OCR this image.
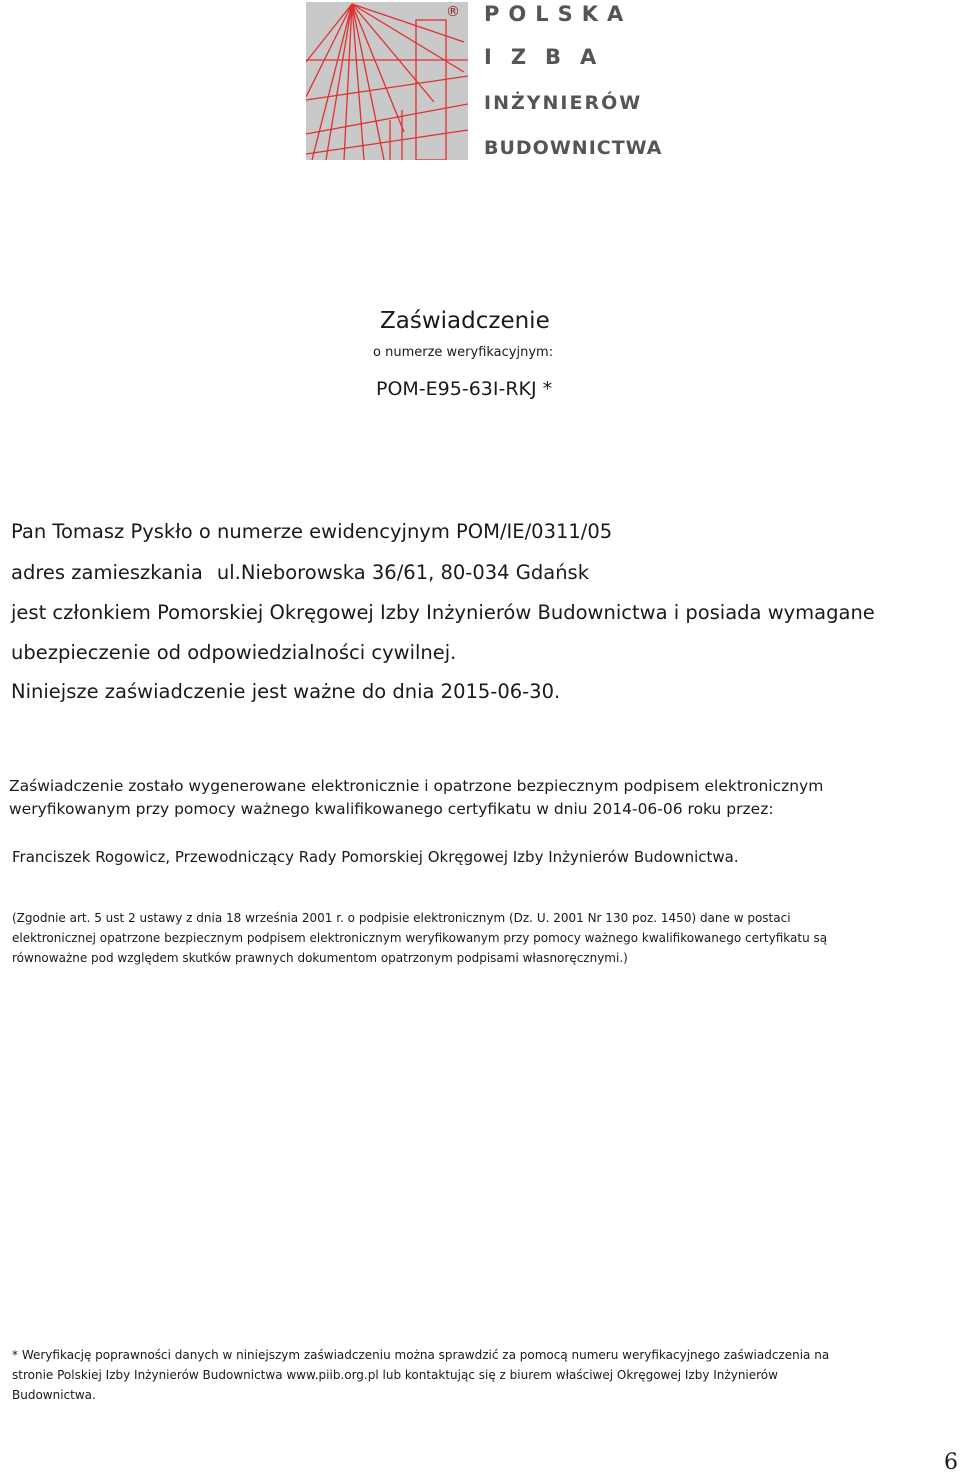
® POLSKA
IZBA
INŻYNIERÓW
BUDOWNICTWA
Zaświadczenie
o numerze weryfikacyjnym:
POM-E95-63I-RKJ *
Pan Tomasz Pyskło o numerze ewidencyjnym POM/IE/0311/05
adres zamieszkania ul.Nieborowska 36/61, 80-034 Gdańsk
jest członkiem Pomorskiej Okręgowej Izby Inżynierów Budownictwa i posiada wymagane
ubezpieczenie od odpowiedzialności cywilnej.
Niniejsze zaświadczenie jest ważne do dnia 2015-06-30.
Zaświadczenie zostało wygenerowane elektronicznie i opatrzone bezpiecznym podpisem elektronicznym
weryfikowanym przy pomocy ważnego kwalifikowanego certyfikatu w dniu 2014-06-06 roku przez:
Franciszek Rogowicz, Przewodniczący Rady Pomorskiej Okręgowej Izby Inżynierów Budownictwa.
(Zgodnie art. 5 ust 2 ustawy z dnia 18 września 2001 r. o podpisie elektronicznym (Dz. U. 2001 Nr 130 poz. 1450) dane w postaci
elektronicznej opatrzone bezpiecznym podpisem elektronicznym weryfikowanym przy pomocy ważnego kwalifikowanego certyfikatu są
równoważne pod względem skutków prawnych dokumentom opatrzonym podpisami własnoręcznymi.)
* Weryfikację poprawności danych w niniejszym zaświadczeniu można sprawdzić za pomocą numeru weryfikacyjnego zaświadczenia na
stronie Polskiej Izby Inżynierów Budownictwa www.piib.org.pl lub kontaktując się z biurem właściwej Okręgowej Izby Inżynierów
Budownictwa.
6
